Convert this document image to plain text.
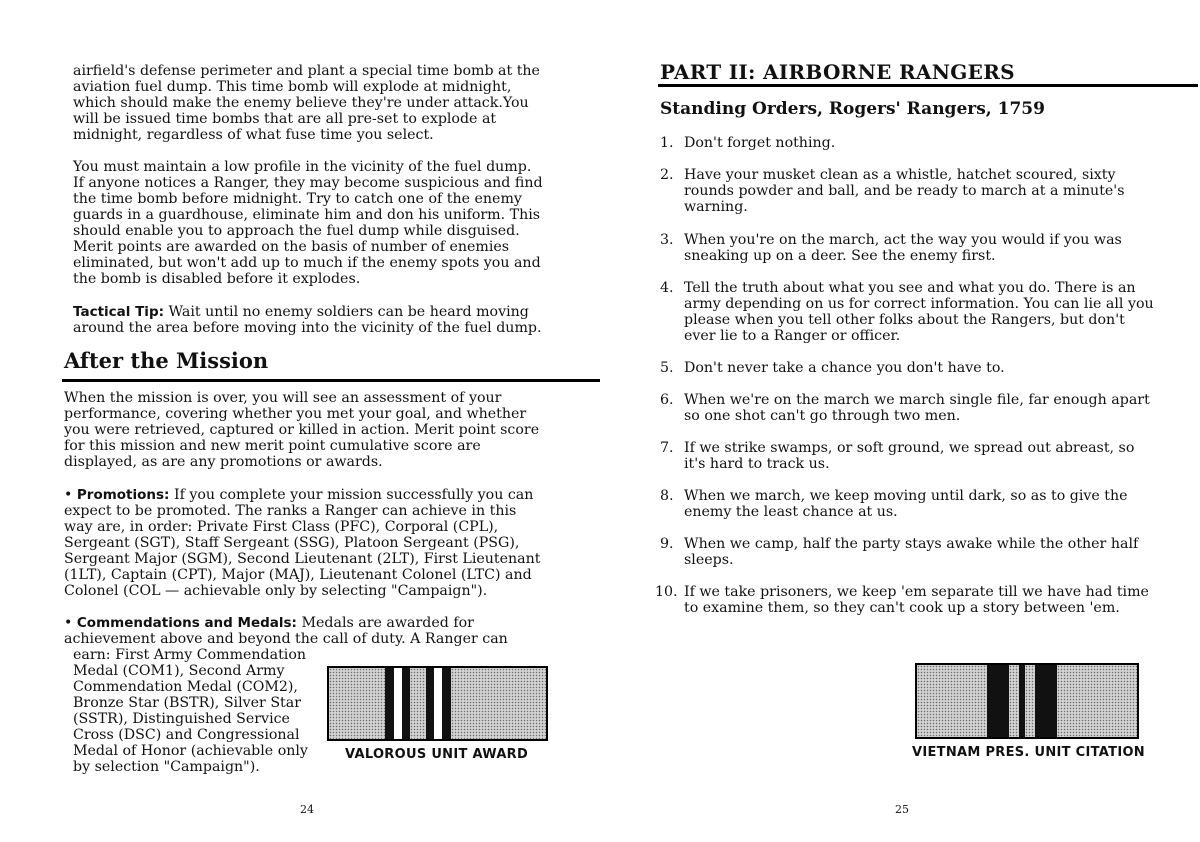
airfield's defense perimeter and plant a special time bomb at the aviation fuel dump. This time bomb will explode at midnight, which should make the enemy believe they're under attack.You will be issued time bombs that are all pre-set to explode at midnight, regardless of what fuse time you select.

You must maintain a low profile in the vicinity of the fuel dump. If anyone notices a Ranger, they may become suspicious and find the time bomb before midnight. Try to catch one of the enemy guards in a guardhouse, eliminate him and don his uniform. This should enable you to approach the fuel dump while disguised. Merit points are awarded on the basis of number of enemies eliminated, but won't add up to much if the enemy spots you and the bomb is disabled before it explodes.

Tactical Tip: Wait until no enemy soldiers can be heard moving around the area before moving into the vicinity of the fuel dump.

After the Mission

When the mission is over, you will see an assessment of your performance, covering whether you met your goal, and whether you were retrieved, captured or killed in action. Merit point score for this mission and new merit point cumulative score are displayed, as are any promotions or awards.

• Promotions: If you complete your mission successfully you can expect to be promoted. The ranks a Ranger can achieve in this way are, in order: Private First Class (PFC), Corporal (CPL), Sergeant (SGT), Staff Sergeant (SSG), Platoon Sergeant (PSG), Sergeant Major (SGM), Second Lieutenant (2LT), First Lieutenant (1LT), Captain (CPT), Major (MAJ), Lieutenant Colonel (LTC) and Colonel (COL — achievable only by selecting "Campaign").

• Commendations and Medals: Medals are awarded for achievement above and beyond the call of duty. A Ranger can

earn: First Army Commendation Medal (COM1), Second Army Commendation Medal (COM2), Bronze Star (BSTR), Silver Star (SSTR), Distinguished Service Cross (DSC) and Congressional Medal of Honor (achievable only by selection "Campaign").

VALOROUS UNIT AWARD

24

PART II: AIRBORNE RANGERS
Standing Orders, Rogers' Rangers, 1759
1. Don't forget nothing.
2. Have your musket clean as a whistle, hatchet scoured, sixty rounds powder and ball, and be ready to march at a minute's warning.
3. When you're on the march, act the way you would if you was sneaking up on a deer. See the enemy first.
4. Tell the truth about what you see and what you do. There is an army depending on us for correct information. You can lie all you please when you tell other folks about the Rangers, but don't ever lie to a Ranger or officer.
5. Don't never take a chance you don't have to.
6. When we're on the march we march single file, far enough apart so one shot can't go through two men.
7. If we strike swamps, or soft ground, we spread out abreast, so it's hard to track us.
8. When we march, we keep moving until dark, so as to give the enemy the least chance at us.
9. When we camp, half the party stays awake while the other half sleeps.
10. If we take prisoners, we keep 'em separate till we have had time to examine them, so they can't cook up a story between 'em.

VIETNAM PRES. UNIT CITATION

25
